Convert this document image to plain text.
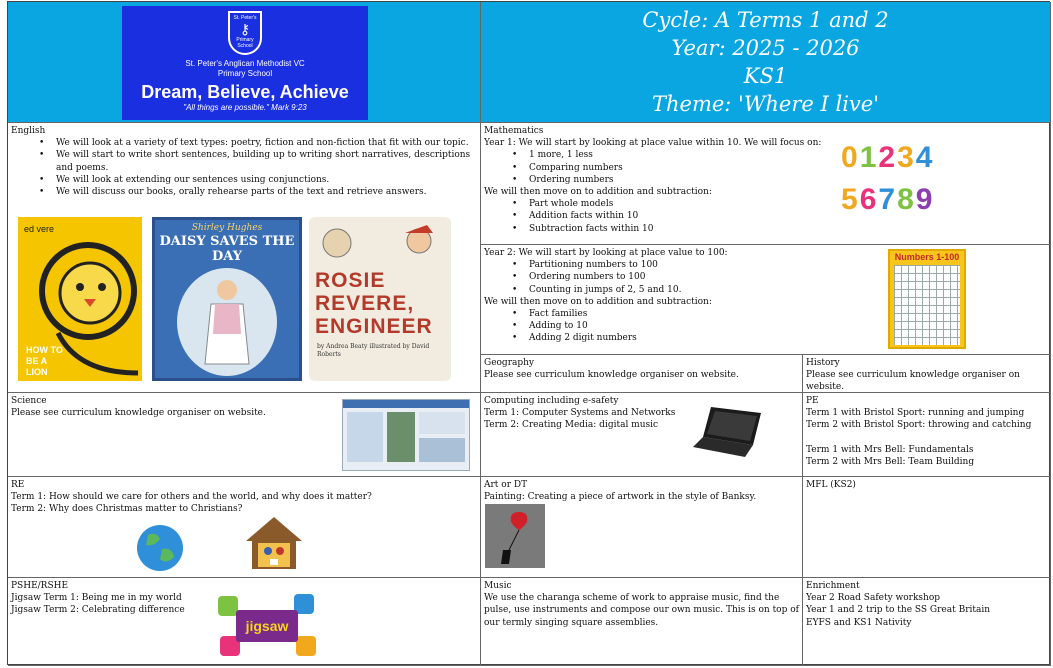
St. Peter's
⚷
Primary School
St. Peter's Anglican Methodist VC
Primary School
Dream, Believe, Achieve
"All things are possible." Mark 9:23
Cycle: A Terms 1 and 2
Year: 2025 - 2026
KS1
Theme: 'Where I live'
English
• We will look at a variety of text types: poetry, fiction and non-fiction that fit with our topic.
• We will start to write short sentences, building up to writing short narratives, descriptions and poems.
• We will look at extending our sentences using conjunctions.
• We will discuss our books, orally rehearse parts of the text and retrieve answers.
ed vere
HOW TO BE A LION
Shirley Hughes
DAISY SAVES THE DAY
ROSIE REVERE, ENGINEER
by Andrea Beaty illustrated by David Roberts
Mathematics
Year 1: We will start by looking at place value within 10. We will focus on:
• 1 more, 1 less
• Comparing numbers
• Ordering numbers
We will then move on to addition and subtraction:
• Part whole models
• Addition facts within 10
• Subtraction facts within 10
01234
56789
Year 2: We will start by looking at place value to 100:
• Partitioning numbers to 100
• Ordering numbers to 100
• Counting in jumps of 2, 5 and 10.
We will then move on to addition and subtraction:
• Fact families
• Adding to 10
• Adding 2 digit numbers
Numbers 1-100
Geography
Please see curriculum knowledge organiser on website.
History
Please see curriculum knowledge organiser on website.
Science
Please see curriculum knowledge organiser on website.
Computing including e-safety
Term 1: Computer Systems and Networks
Term 2: Creating Media: digital music
PE
Term 1 with Bristol Sport: running and jumping
Term 2 with Bristol Sport: throwing and catching
Term 1 with Mrs Bell: Fundamentals
Term 2 with Mrs Bell: Team Building
RE
Term 1: How should we care for others and the world, and why does it matter?
Term 2: Why does Christmas matter to Christians?
Art or DT
Painting: Creating a piece of artwork in the style of Banksy.
MFL (KS2)
PSHE/RSHE
Jigsaw Term 1: Being me in my world
Jigsaw Term 2: Celebrating difference
jigsaw
Music
We use the charanga scheme of work to appraise music, find the pulse, use instruments and compose our own music. This is on top of our termly singing square assemblies.
Enrichment
Year 2 Road Safety workshop
Year 1 and 2 trip to the SS Great Britain
EYFS and KS1 Nativity
